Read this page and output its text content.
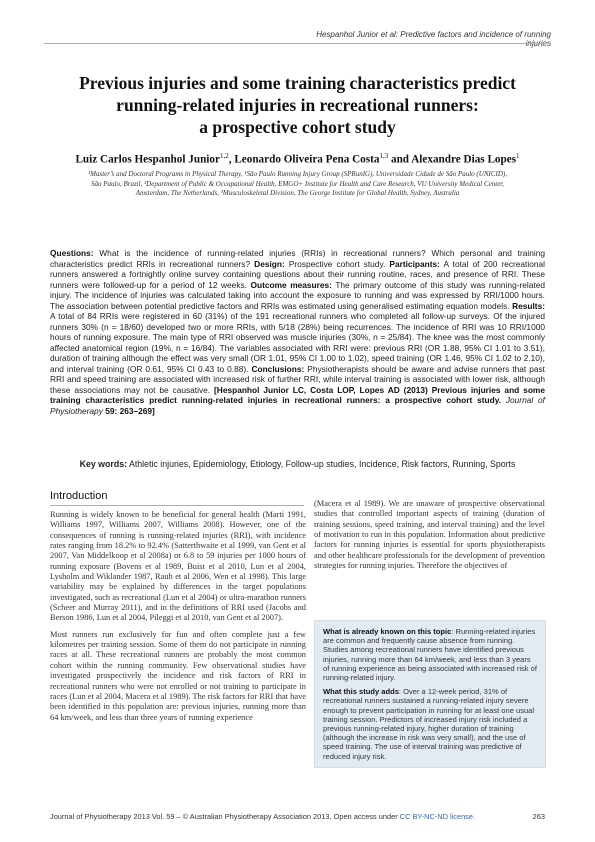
Hespanhol Junior et al: Predictive factors and incidence of running injuries
Previous injuries and some training characteristics predict
running-related injuries in recreational runners:
a prospective cohort study
Luiz Carlos Hespanhol Junior$^{1,2}$, Leonardo Oliveira Pena Costa$^{1,3}$ and Alexandre Dias Lopes$^1$
¹Master’s and Doctoral Programs in Physical Therapy, ¹São Paulo Running Injury Group (SPRunIG), Universidade Cidade de São Paulo (UNICID),
São Paulo, Brazil, ²Department of Public & Occupational Health, EMGO+ Institute for Health and Care Research, VU University Medical Center,
Amsterdam, The Netherlands, ³Musculoskeletal Division, The George Institute for Global Health, Sydney, Australia
Questions: What is the incidence of running-related injuries (RRIs) in recreational runners? Which personal and training characteristics predict RRIs in recreational runners? Design: Prospective cohort study. Participants: A total of 200 recreational runners answered a fortnightly online survey containing questions about their running routine, races, and presence of RRI. These runners were followed-up for a period of 12 weeks. Outcome measures: The primary outcome of this study was running-related injury. The incidence of injuries was calculated taking into account the exposure to running and was expressed by RRI/1000 hours. The association between potential predictive factors and RRIs was estimated using generalised estimating equation models. Results: A total of 84 RRIs were registered in 60 (31%) of the 191 recreational runners who completed all follow-up surveys. Of the injured runners 30% (n = 18/60) developed two or more RRIs, with 5/18 (28%) being recurrences. The incidence of RRI was 10 RRI/1000 hours of running exposure. The main type of RRI observed was muscle injuries (30%, n = 25/84). The knee was the most commonly affected anatomical region (19%, n = 16/84). The variables associated with RRI were: previous RRI (OR 1.88, 95% CI 1.01 to 3.51), duration of training although the effect was very small (OR 1.01, 95% CI 1.00 to 1.02), speed training (OR 1.46, 95% CI 1.02 to 2.10), and interval training (OR 0.61, 95% CI 0.43 to 0.88). Conclusions: Physiotherapists should be aware and advise runners that past RRI and speed training are associated with increased risk of further RRI, while interval training is associated with lower risk, although these associations may not be causative. [Hespanhol Junior LC, Costa LOP, Lopes AD (2013) Previous injuries and some training characteristics predict running-related injuries in recreational runners: a prospective cohort study. Journal of Physiotherapy 59: 263–269]
Key words: Athletic injuries, Epidemiology, Etiology, Follow-up studies, Incidence, Risk factors, Running, Sports
Introduction

Running is widely known to be beneficial for general health (Marti 1991, Williams 1997, Williams 2007, Williams 2008). However, one of the consequences of running is running-related injuries (RRI), with incidence rates ranging from 18.2% to 92.4% (Satterthwaite et al 1999, van Gent et al 2007, Van Middelkoop et al 2008a) or 6.8 to 59 injuries per 1000 hours of running exposure (Bovens et al 1989, Buist et al 2010, Lun et al 2004, Lysholm and Wiklander 1987, Rauh et al 2006, Wen et al 1998). This large variability may be explained by differences in the target populations investigated, such as recreational (Lun et al 2004) or ultra-marathon runners (Scheer and Murray 2011), and in the definitions of RRI used (Jacobs and Berson 1986, Lun et al 2004, Pileggi et al 2010, van Gent et al 2007).

Most runners run exclusively for fun and often complete just a few kilometres per training session. Some of them do not participate in running races at all. These recreational runners are probably the most common cohort within the running community. Few observational studies have investigated prospectively the incidence and risk factors of RRI in recreational runners who were not enrolled or not training to participate in races (Lun et al 2004, Macera et al 1989). The risk factors for RRI that have been identified in this population are: previous injuries, running more than 64 km/week, and less than three years of running experience

(Macera et al 1989). We are unaware of prospective observational studies that controlled important aspects of training (duration of training sessions, speed training, and interval training) and the level of motivation to run in this population. Information about predictive factors for running injuries is essential for sports physiotherapists and other healthcare professionals for the development of prevention strategies for running injuries. Therefore the objectives of

What is already known on this topic: Running-related injuries are common and frequently cause absence from running. Studies among recreational runners have identified previous injuries, running more than 64 km/week, and less than 3 years of running experience as being associated with increased risk of running-related injury.

What this study adds: Over a 12-week period, 31% of recreational runners sustained a running-related injury severe enough to prevent participation in running for at least one usual training session. Predictors of increased injury risk included a previous running-related injury, higher duration of training (although the increase in risk was very small), and the use of speed training. The use of interval training was predictive of reduced injury risk.

Journal of Physiotherapy 2013 Vol. 59 – © Australian Physiotherapy Association 2013. Open access under CC BY-NC-ND license.	263
